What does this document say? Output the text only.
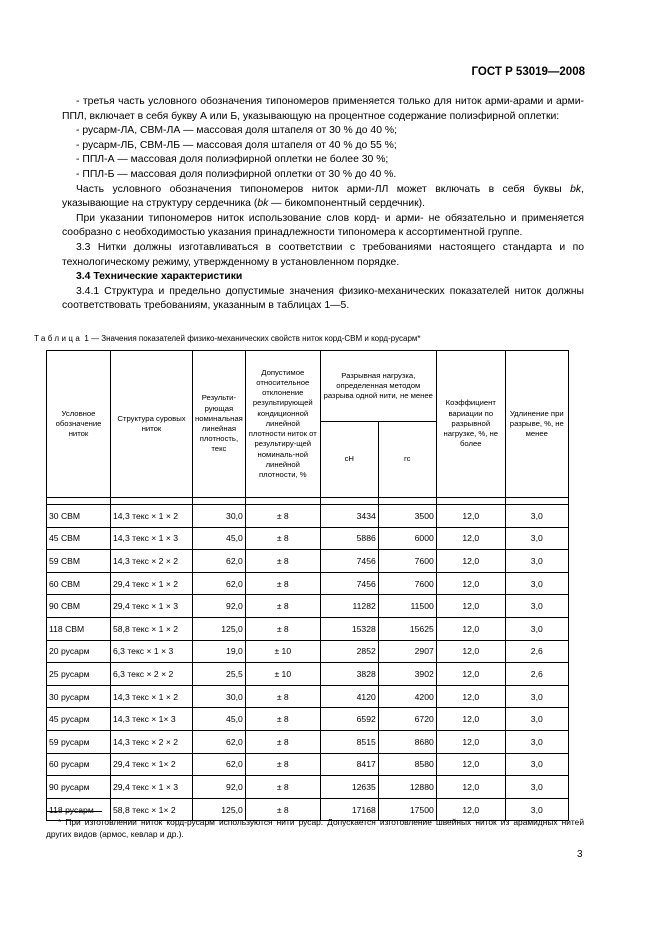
ГОСТ Р 53019—2008

- третья часть условного обозначения типономеров применяется только для ниток арми-арами и арми-ППЛ, включает в себя букву А или Б, указывающую на процентное содержание полиэфирной оплетки:

- русарм-ЛА, СВМ-ЛА — массовая доля штапеля от 30 % до 40 %;

- русарм-ЛБ, СВМ-ЛБ — массовая доля штапеля от 40 % до 55 %;

- ППЛ-А — массовая доля полиэфирной оплетки не более 30 %;

- ППЛ-Б — массовая доля полиэфирной оплетки от 30 % до 40 %.

Часть условного обозначения типономеров ниток арми-ЛЛ может включать в себя буквы bk, указывающие на структуру сердечника (bk — бикомпонентный сердечник).

При указании типономеров ниток использование слов корд- и арми- не обязательно и применяется сообразно с необходимостью указания принадлежности типономера к ассортиментной группе.

3.3 Нитки должны изготавливаться в соответствии с требованиями настоящего стандарта и по технологическому режиму, утвержденному в установленном порядке.

3.4 Технические характеристики

3.4.1 Структура и предельно допустимые значения физико-механических показателей ниток должны соответствовать требованиям, указанным в таблицах 1—5.

Таблица 1 — Значения показателей физико-механических свойств ниток корд-СВМ и корд-русарм*
Условное обозначение ниток	Структура суровых ниток	Результи-рующая номинальная линейная плотность, текс	Допустимое относительное отклонение результирующей кондиционной линейной плотности ниток от результиру-щей номиналь-ной линейной плотности, %	Разрывная нагрузка, определенная методом разрыва одной нити, не менее		Коэффициент вариации по разрывной нагрузке, %, не более	Удлинение при разрыве, %, не менее
				сН	гс		

30 СВМ	14,3 текс × 1 × 2	30,0	± 8	3434	3500	12,0	3,0
45 СВМ	14,3 текс × 1 × 3	45,0	± 8	5886	6000	12,0	3,0
59 СВМ	14,3 текс × 2 × 2	62,0	± 8	7456	7600	12,0	3,0
60 СВМ	29,4 текс × 1 × 2	62,0	± 8	7456	7600	12,0	3,0
90 СВМ	29,4 текс × 1 × 3	92,0	± 8	11282	11500	12,0	3,0
118 СВМ	58,8 текс × 1 × 2	125,0	± 8	15328	15625	12,0	3,0
20 русарм	6,3 текс × 1 × 3	19,0	± 10	2852	2907	12,0	2,6
25 русарм	6,3 текс × 2 × 2	25,5	± 10	3828	3902	12,0	2,6
30 русарм	14,3 текс × 1 × 2	30,0	± 8	4120	4200	12,0	3,0
45 русарм	14,3 текс × 1× 3	45,0	± 8	6592	6720	12,0	3,0
59 русарм	14,3 текс × 2 × 2	62,0	± 8	8515	8680	12,0	3,0
60 русарм	29,4 текс × 1× 2	62,0	± 8	8417	8580	12,0	3,0
90 русарм	29,4 текс × 1 × 3	92,0	± 8	12635	12880	12,0	3,0
118 русарм	58,8 текс × 1× 2	125,0	± 8	17168	17500	12,0	3,0
* При изготовлении ниток корд-русарм используются нити русар. Допускается изготовление швейных ниток из арамидных нитей других видов (армос, кевлар и др.).
3
